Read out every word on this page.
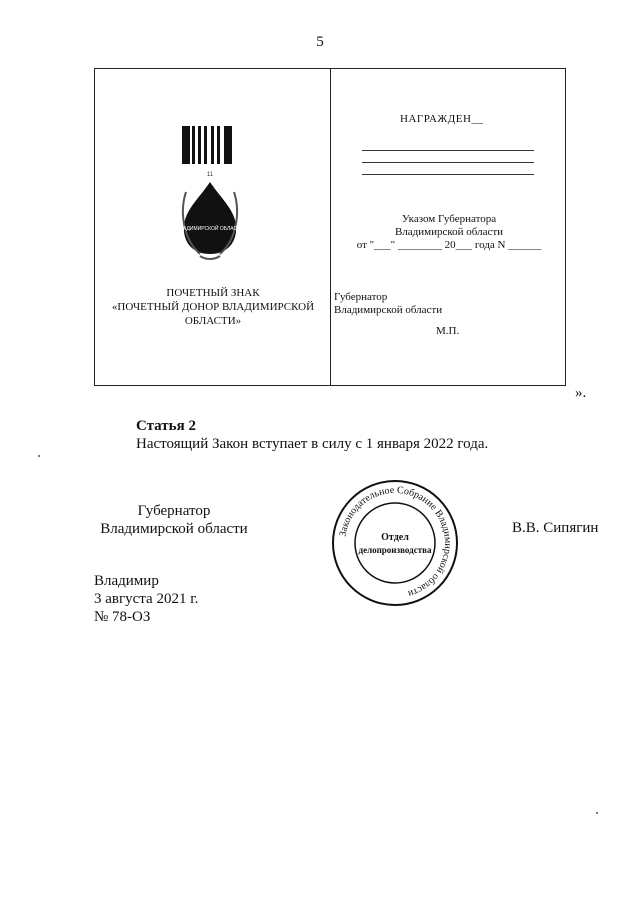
5
11
ВЛАДИМИРСКОЙ ОБЛАСТИ
ПОЧЕТНЫЙ ЗНАК
«ПОЧЕТНЫЙ ДОНОР ВЛАДИМИРСКОЙ
ОБЛАСТИ»
НАГРАЖДЕН__
Указом Губернатора
Владимирской области
от "___" ________ 20___ года N ______
Губернатор
Владимирской области
М.П.
».
Статья 2
Настоящий Закон вступает в силу с 1 января 2022 года.
Губернатор
Владимирской области	В.В. Сипягин
Законодательное Собрание Владимирской области
Отдел
делопроизводства
Владимир
3 августа 2021 г.
№ 78-ОЗ
